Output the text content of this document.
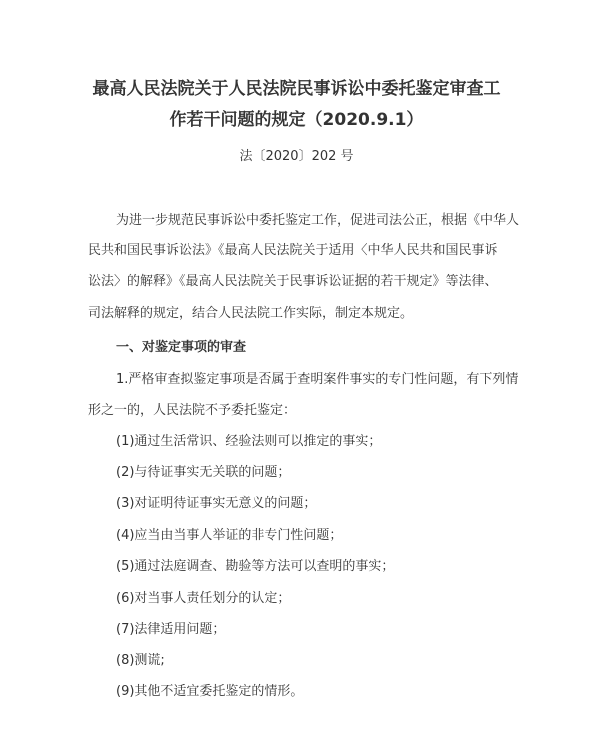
最高人民法院关于人民法院民事诉讼中委托鉴定审查工
作若干问题的规定（2020.9.1）
法〔2020〕202 号
为进一步规范民事诉讼中委托鉴定工作，促进司法公正，根据《中华人
民共和国民事诉讼法》《最高人民法院关于适用〈中华人民共和国民事诉
讼法〉的解释》《最高人民法院关于民事诉讼证据的若干规定》等法律、
司法解释的规定，结合人民法院工作实际，制定本规定。
一、对鉴定事项的审查
1.严格审查拟鉴定事项是否属于查明案件事实的专门性问题，有下列情
形之一的，人民法院不予委托鉴定：
(1)通过生活常识、经验法则可以推定的事实；
(2)与待证事实无关联的问题；
(3)对证明待证事实无意义的问题；
(4)应当由当事人举证的非专门性问题；
(5)通过法庭调查、勘验等方法可以查明的事实；
(6)对当事人责任划分的认定；
(7)法律适用问题；
(8)测谎;
(9)其他不适宜委托鉴定的情形。
